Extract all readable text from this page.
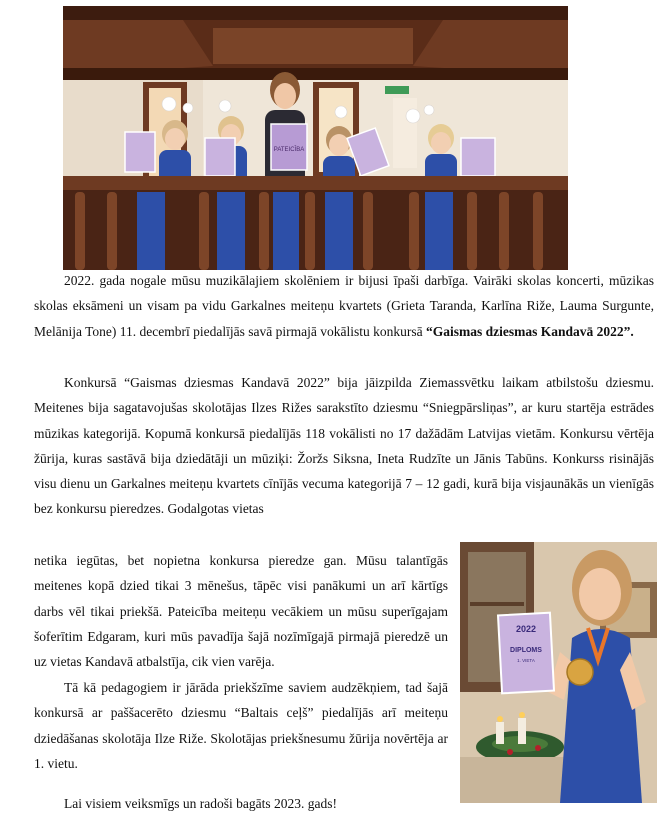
PATEICĪBA
2022
DIPLOMS
1. VIETA

2022. gada nogale mūsu muzikālajiem skolēniem ir bijusi īpaši darbīga. Vairāki skolas koncerti, mūzikas skolas eksāmeni un visam pa vidu Garkalnes meiteņu kvartets (Grieta Taranda, Karlīna Riže, Lauma Surgunte, Melānija Tone) 11. decembrī piedalījās savā pirmajā vokālistu konkursā “Gaismas dziesmas Kandavā 2022”.

Konkursā “Gaismas dziesmas Kandavā 2022” bija jāizpilda Ziemassvētku laikam atbilstošu dziesmu. Meitenes bija sagatavojušas skolotājas Ilzes Rižes sarakstīto dziesmu “Sniegpārsliņas”, ar kuru startēja estrādes mūzikas kategorijā. Kopumā konkursā piedalījās 118 vokālisti no 17 dažādām Latvijas vietām. Konkursu vērtēja žūrija, kuras sastāvā bija dziedātāji un mūziķi: Žoržs Siksna, Ineta Rudzīte un Jānis Tabūns. Konkurss risinājās visu dienu un Garkalnes meiteņu kvartets cīnījās vecuma kategorijā 7 – 12 gadi, kurā bija visjaunākās un vienīgās bez konkursu pieredzes. Godalgotas vietas

netika iegūtas, bet nopietna konkursa pieredze gan. Mūsu talantīgās meitenes kopā dzied tikai 3 mēnešus, tāpēc visi panākumi un arī kārtīgs darbs vēl tikai priekšā. Pateicība meiteņu vecākiem un mūsu superīgajam šoferītim Edgaram, kuri mūs pavadīja šajā nozīmīgajā pirmajā pieredzē un uz vietas Kandavā atbalstīja, cik vien varēja.

Tā kā pedagogiem ir jārāda priekšzīme saviem audzēkņiem, tad šajā konkursā ar paššacerēto dziesmu “Baltais ceļš” piedalījās arī meiteņu dziedāšanas skolotāja Ilze Riže. Skolotājas priekšnesumu žūrija novērtēja ar 1. vietu.

Lai visiem veiksmīgs un radoši bagāts 2023. gads!
